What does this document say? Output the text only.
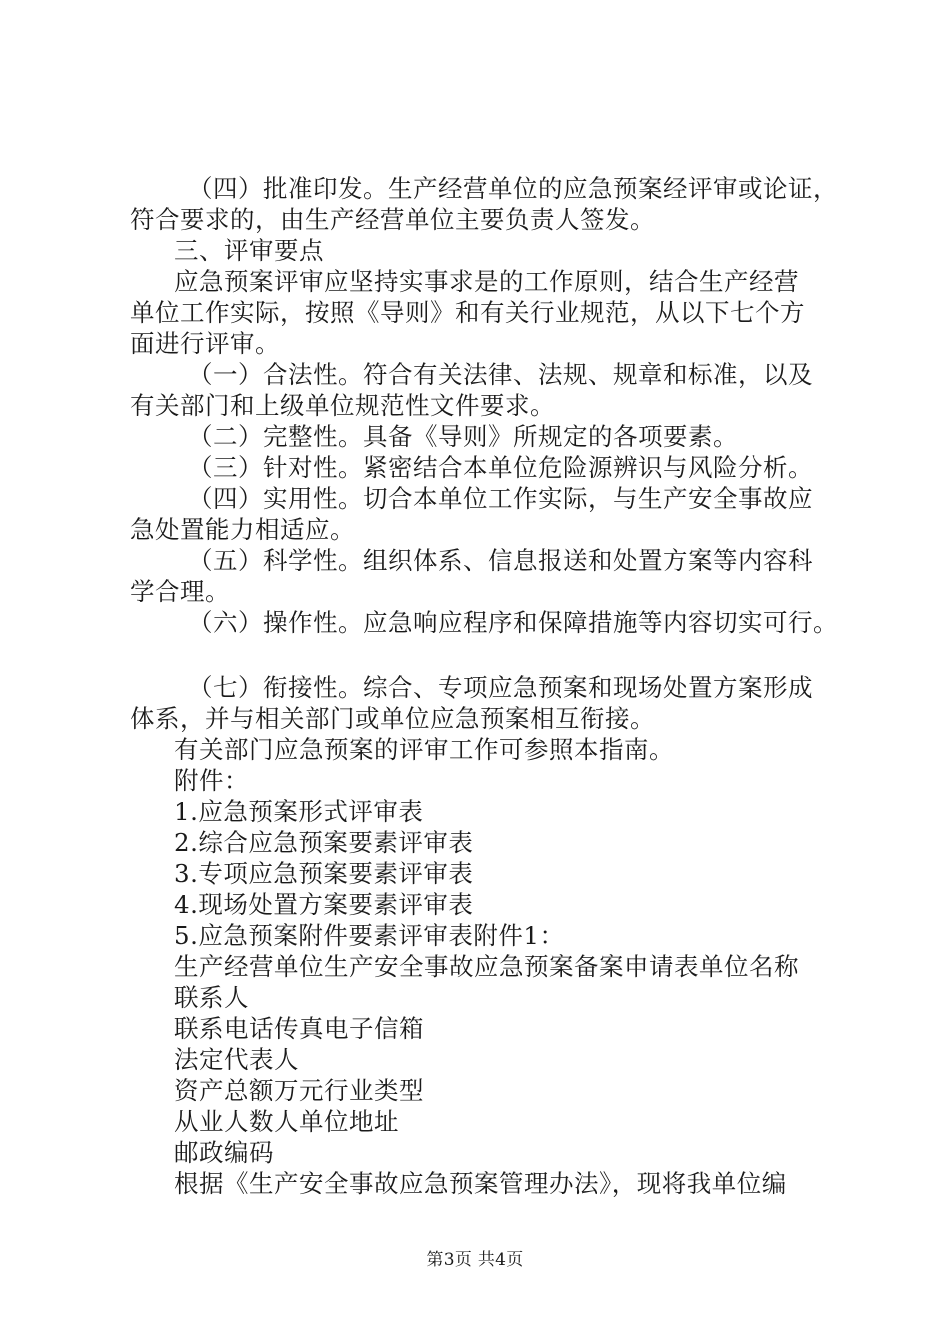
（四）批准印发。生产经营单位的应急预案经评审或论证，
符合要求的，由生产经营单位主要负责人签发。
三、评审要点
应急预案评审应坚持实事求是的工作原则，结合生产经营
单位工作实际，按照《导则》和有关行业规范，从以下七个方
面进行评审。
（一）合法性。符合有关法律、法规、规章和标准，以及
有关部门和上级单位规范性文件要求。
（二）完整性。具备《导则》所规定的各项要素。
（三）针对性。紧密结合本单位危险源辨识与风险分析。
（四）实用性。切合本单位工作实际，与生产安全事故应
急处置能力相适应。
（五）科学性。组织体系、信息报送和处置方案等内容科
学合理。
（六）操作性。应急响应程序和保障措施等内容切实可行。
（七）衔接性。综合、专项应急预案和现场处置方案形成
体系，并与相关部门或单位应急预案相互衔接。
有关部门应急预案的评审工作可参照本指南。
附件：
1.应急预案形式评审表
2.综合应急预案要素评审表
3.专项应急预案要素评审表
4.现场处置方案要素评审表
5.应急预案附件要素评审表附件1：
生产经营单位生产安全事故应急预案备案申请表单位名称
联系人
联系电话传真电子信箱
法定代表人
资产总额万元行业类型
从业人数人单位地址
邮政编码
根据《生产安全事故应急预案管理办法》，现将我单位编
第3页 共4页
